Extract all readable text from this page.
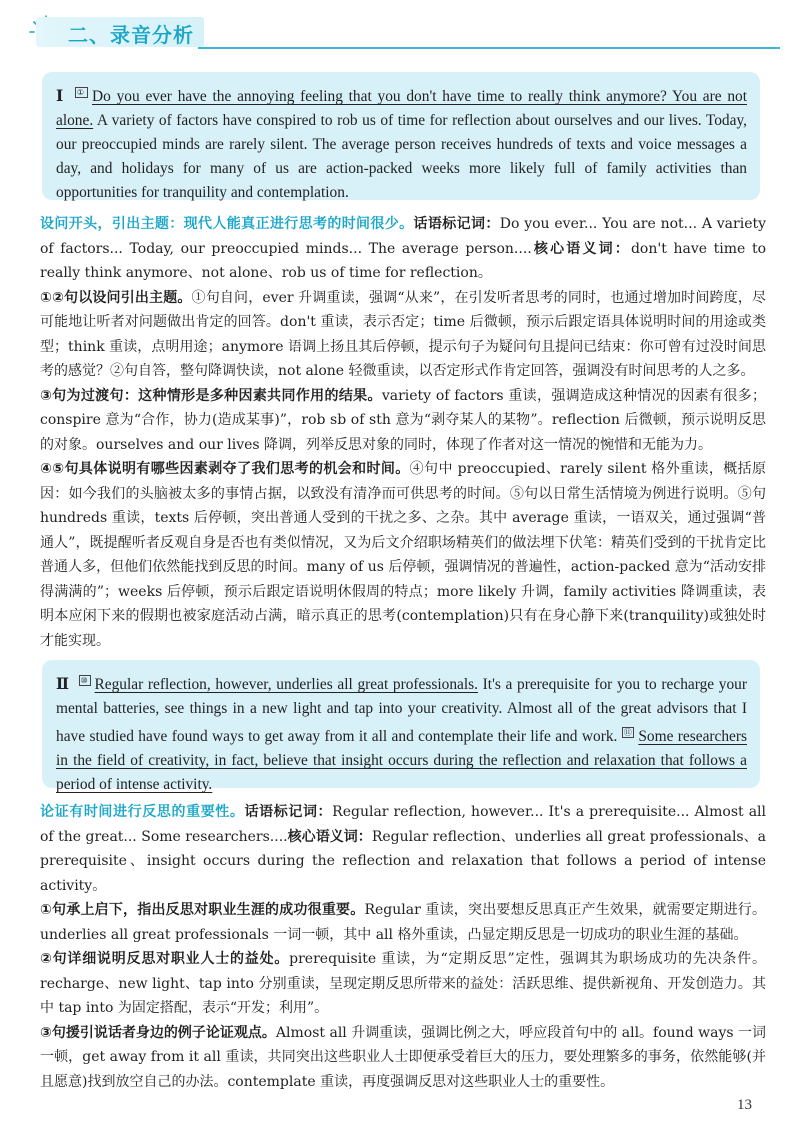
二、录音分析
Ⅰ ① Do you ever have the annoying feeling that you don't have time to really think anymore? You are not alone. A variety of factors have conspired to rob us of time for reflection about ourselves and our lives. Today, our preoccupied minds are rarely silent. The average person receives hundreds of texts and voice messages a day, and holidays for many of us are action-packed weeks more likely full of family activities than opportunities for tranquility and contemplation.

设问开头，引出主题：现代人能真正进行思考的时间很少。话语标记词：Do you ever... You are not... A variety of factors... Today, our preoccupied minds... The average person....核心语义词：don't have time to really think anymore、not alone、rob us of time for reflection。

①②句以设问引出主题。①句自问，ever 升调重读，强调“从来”，在引发听者思考的同时，也通过增加时间跨度，尽可能地让听者对问题做出肯定的回答。don't 重读，表示否定；time 后微顿，预示后跟定语具体说明时间的用途或类型；think 重读，点明用途；anymore 语调上扬且其后停顿，提示句子为疑问句且提问已结束：你可曾有过没时间思考的感觉？②句自答，整句降调快读，not alone 轻微重读，以否定形式作肯定回答，强调没有时间思考的人之多。

③句为过渡句：这种情形是多种因素共同作用的结果。variety of factors 重读，强调造成这种情况的因素有很多；conspire 意为“合作，协力(造成某事)”，rob sb of sth 意为“剥夺某人的某物”。reflection 后微顿，预示说明反思的对象。ourselves and our lives 降调，列举反思对象的同时，体现了作者对这一情况的惋惜和无能为力。

④⑤句具体说明有哪些因素剥夺了我们思考的机会和时间。④句中 preoccupied、rarely silent 格外重读，概括原因：如今我们的头脑被太多的事情占据，以致没有清净而可供思考的时间。⑤句以日常生活情境为例进行说明。⑤句 hundreds 重读，texts 后停顿，突出普通人受到的干扰之多、之杂。其中 average 重读，一语双关，通过强调“普通人”，既提醒听者反观自身是否也有类似情况，又为后文介绍职场精英们的做法埋下伏笔：精英们受到的干扰肯定比普通人多，但他们依然能找到反思的时间。many of us 后停顿，强调情况的普遍性，action-packed 意为“活动安排得满满的”；weeks 后停顿，预示后跟定语说明休假周的特点；more likely 升调，family activities 降调重读，表明本应闲下来的假期也被家庭活动占满，暗示真正的思考(contemplation)只有在身心静下来(tranquility)或独处时才能实现。

Ⅱ ⑩ Regular reflection, however, underlies all great professionals. It's a prerequisite for you to recharge your mental batteries, see things in a new light and tap into your creativity. Almost all of the great advisors that I have studied have found ways to get away from it all and contemplate their life and work. ⑪ Some researchers in the field of creativity, in fact, believe that insight occurs during the reflection and relaxation that follows a period of intense activity.

论证有时间进行反思的重要性。话语标记词：Regular reflection, however... It's a prerequisite... Almost all of the great... Some researchers....核心语义词：Regular reflection、underlies all great professionals、a prerequisite、insight occurs during the reflection and relaxation that follows a period of intense activity。

①句承上启下，指出反思对职业生涯的成功很重要。Regular 重读，突出要想反思真正产生效果，就需要定期进行。underlies all great professionals 一词一顿，其中 all 格外重读，凸显定期反思是一切成功的职业生涯的基础。

②句详细说明反思对职业人士的益处。prerequisite 重读，为“定期反思”定性，强调其为职场成功的先决条件。recharge、new light、tap into 分别重读，呈现定期反思所带来的益处：活跃思维、提供新视角、开发创造力。其中 tap into 为固定搭配，表示“开发；利用”。

③句援引说话者身边的例子论证观点。Almost all 升调重读，强调比例之大，呼应段首句中的 all。found ways 一词一顿，get away from it all 重读，共同突出这些职业人士即便承受着巨大的压力，要处理繁多的事务，依然能够(并且愿意)找到放空自己的办法。contemplate 重读，再度强调反思对这些职业人士的重要性。

13
